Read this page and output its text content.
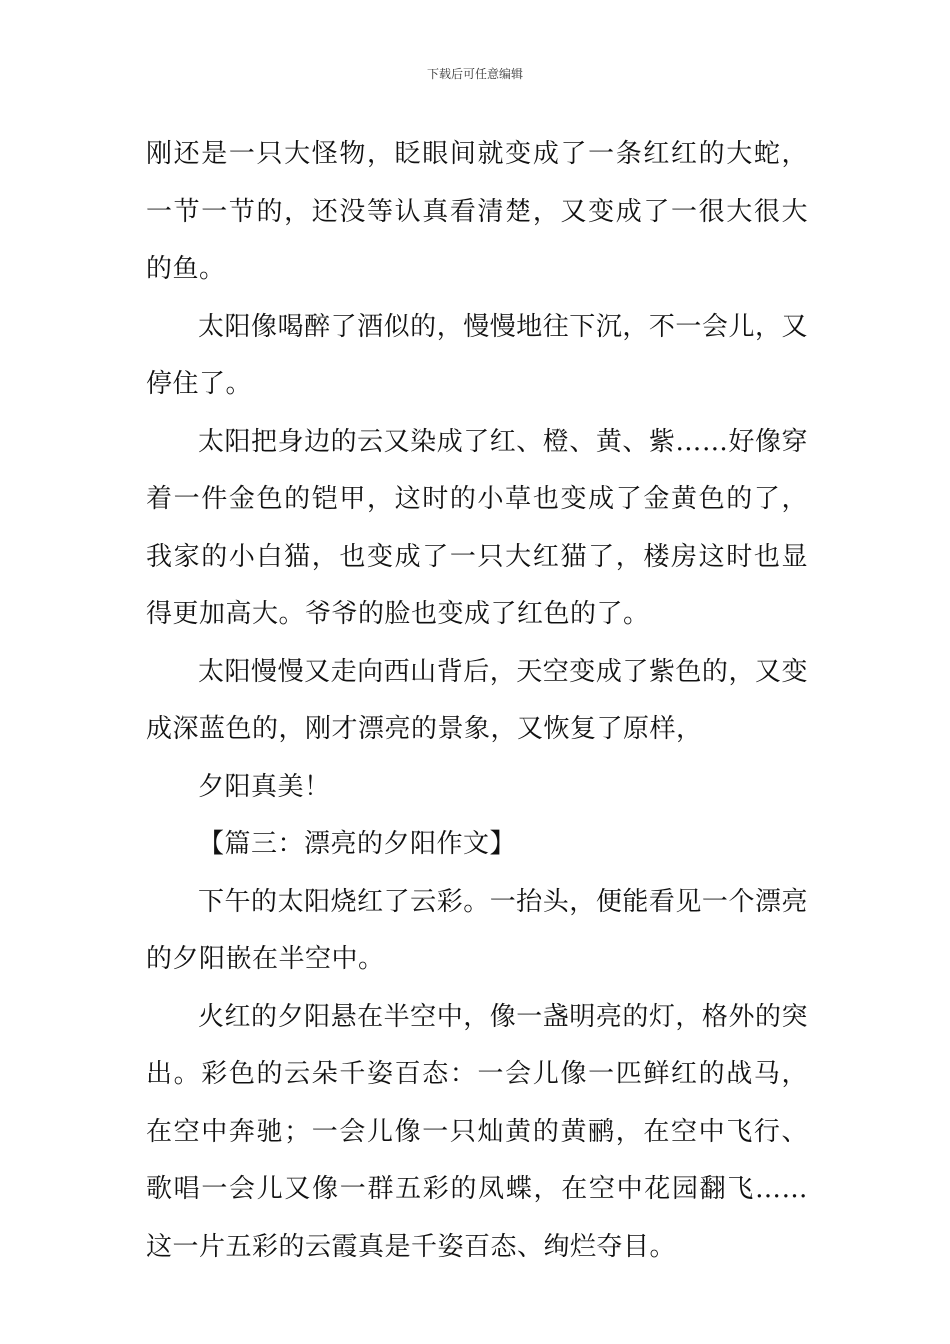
下载后可任意编辑

刚还是一只大怪物，眨眼间就变成了一条红红的大蛇，一节一节的，还没等认真看清楚，又变成了一很大很大的鱼。

太阳像喝醉了酒似的，慢慢地往下沉，不一会儿，又停住了。

太阳把身边的云又染成了红、橙、黄、紫……好像穿着一件金色的铠甲，这时的小草也变成了金黄色的了，我家的小白猫，也变成了一只大红猫了，楼房这时也显得更加高大。爷爷的脸也变成了红色的了。

太阳慢慢又走向西山背后，天空变成了紫色的，又变成深蓝色的，刚才漂亮的景象，又恢复了原样，

夕阳真美！

【篇三：漂亮的夕阳作文】

下午的太阳烧红了云彩。一抬头，便能看见一个漂亮的夕阳嵌在半空中。

火红的夕阳悬在半空中，像一盏明亮的灯，格外的突出。彩色的云朵千姿百态：一会儿像一匹鲜红的战马，在空中奔驰；一会儿像一只灿黄的黄鹂，在空中飞行、歌唱一会儿又像一群五彩的凤蝶，在空中花园翻飞……这一片五彩的云霞真是千姿百态、绚烂夺目。
